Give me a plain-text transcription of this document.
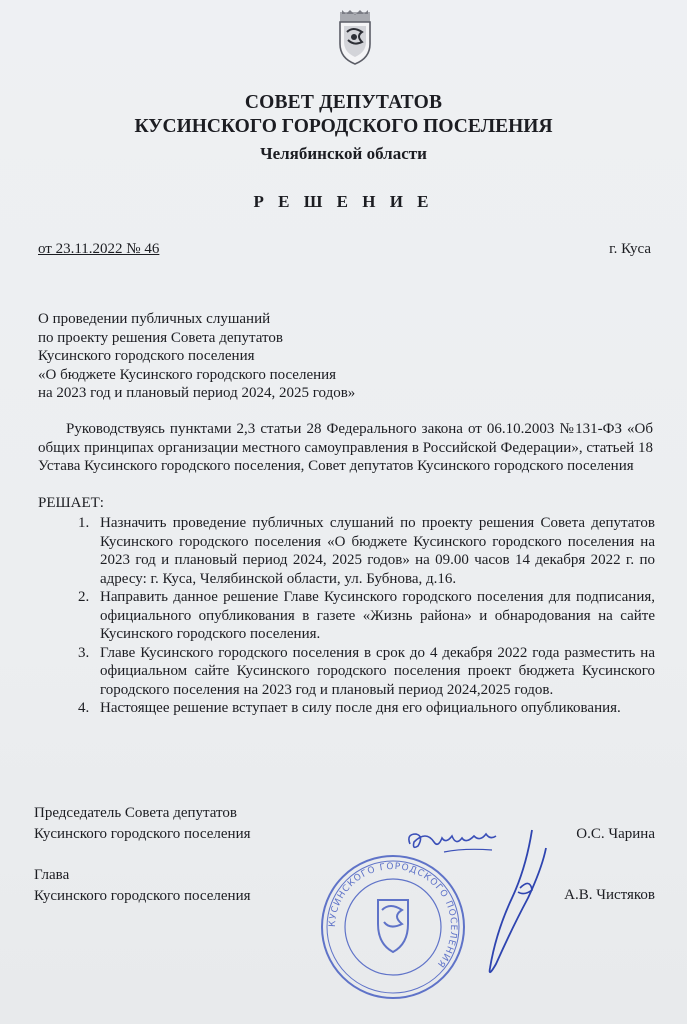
СОВЕТ ДЕПУТАТОВ
КУСИНСКОГО ГОРОДСКОГО ПОСЕЛЕНИЯ
Челябинской области
Р Е Ш Е Н И Е
от 23.11.2022 № 46	г. Куса
О проведении публичных слушаний
по проекту решения Совета депутатов
Кусинского городского поселения
«О бюджете Кусинского городского поселения
на 2023 год и плановый период 2024, 2025 годов»
Руководствуясь пунктами 2,3 статьи 28 Федерального закона от 06.10.2003 №131-ФЗ «Об общих принципах организации местного самоуправления в Российской Федерации», статьей 18 Устава Кусинского городского поселения, Совет депутатов Кусинского городского поселения
РЕШАЕТ:
1. Назначить проведение публичных слушаний по проекту решения Совета депутатов Кусинского городского поселения «О бюджете Кусинского городского поселения на 2023 год и плановый период 2024, 2025 годов» на 09.00 часов 14 декабря 2022 г. по адресу: г. Куса, Челябинской области, ул. Бубнова, д.16.
2. Направить данное решение Главе Кусинского городского поселения для подписания, официального опубликования в газете «Жизнь района» и обнародования на сайте Кусинского городского поселения.
3. Главе Кусинского городского поселения в срок до 4 декабря 2022 года разместить на официальном сайте Кусинского городского поселения проект бюджета Кусинского городского поселения на 2023 год и плановый период 2024,2025 годов.
4. Настоящее решение вступает в силу после дня его официального опубликования.
Председатель Совета депутатов
Кусинского городского поселения	О.С. Чарина
Глава
Кусинского городского поселения	А.В. Чистяков
КУСИНСКОГО ГОРОДСКОГО ПОСЕЛЕНИЯ
